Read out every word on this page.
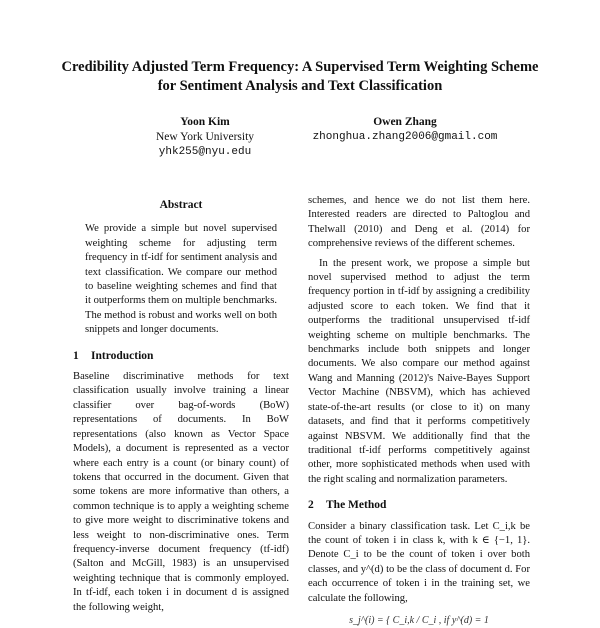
Credibility Adjusted Term Frequency: A Supervised Term Weighting Scheme for Sentiment Analysis and Text Classification
Yoon Kim
New York University
yhk255@nyu.edu
Owen Zhang
zhonghua.zhang2006@gmail.com
Abstract

We provide a simple but novel supervised weighting scheme for adjusting term frequency in tf-idf for sentiment analysis and text classification. We compare our method to baseline weighting schemes and find that it outperforms them on multiple benchmarks. The method is robust and works well on both snippets and longer documents.

1 Introduction

Baseline discriminative methods for text classification usually involve training a linear classifier over bag-of-words (BoW) representations of documents. In BoW representations (also known as Vector Space Models), a document is represented as a vector where each entry is a count (or binary count) of tokens that occurred in the document. Given that some tokens are more informative than others, a common technique is to apply a weighting scheme to give more weight to discriminative tokens and less weight to non-discriminative ones. Term frequency-inverse document frequency (tf-idf) (Salton and McGill, 1983) is an unsupervised weighting technique that is commonly employed. In tf-idf, each token i in document d is assigned the following weight,

schemes, and hence we do not list them here. Interested readers are directed to Paltoglou and Thelwall (2010) and Deng et al. (2014) for comprehensive reviews of the different schemes.

In the present work, we propose a simple but novel supervised method to adjust the term frequency portion in tf-idf by assigning a credibility adjusted score to each token. We find that it outperforms the traditional unsupervised tf-idf weighting scheme on multiple benchmarks. The benchmarks include both snippets and longer documents. We also compare our method against Wang and Manning (2012)'s Naive-Bayes Support Vector Machine (NBSVM), which has achieved state-of-the-art results (or close to it) on many datasets, and find that it performs competitively against NBSVM. We additionally find that the traditional tf-idf performs competitively against other, more sophisticated methods when used with the right scaling and normalization parameters.

2 The Method

Consider a binary classification task. Let C_i,k be the count of token i in class k, with k ∈ {−1, 1}. Denote C_i to be the count of token i over both classes, and y^(d) to be the class of document d. For each occurrence of token i in the training set, we calculate the following,

s_j^(i) = { C_i,k / C_i , if y^(d) = 1
